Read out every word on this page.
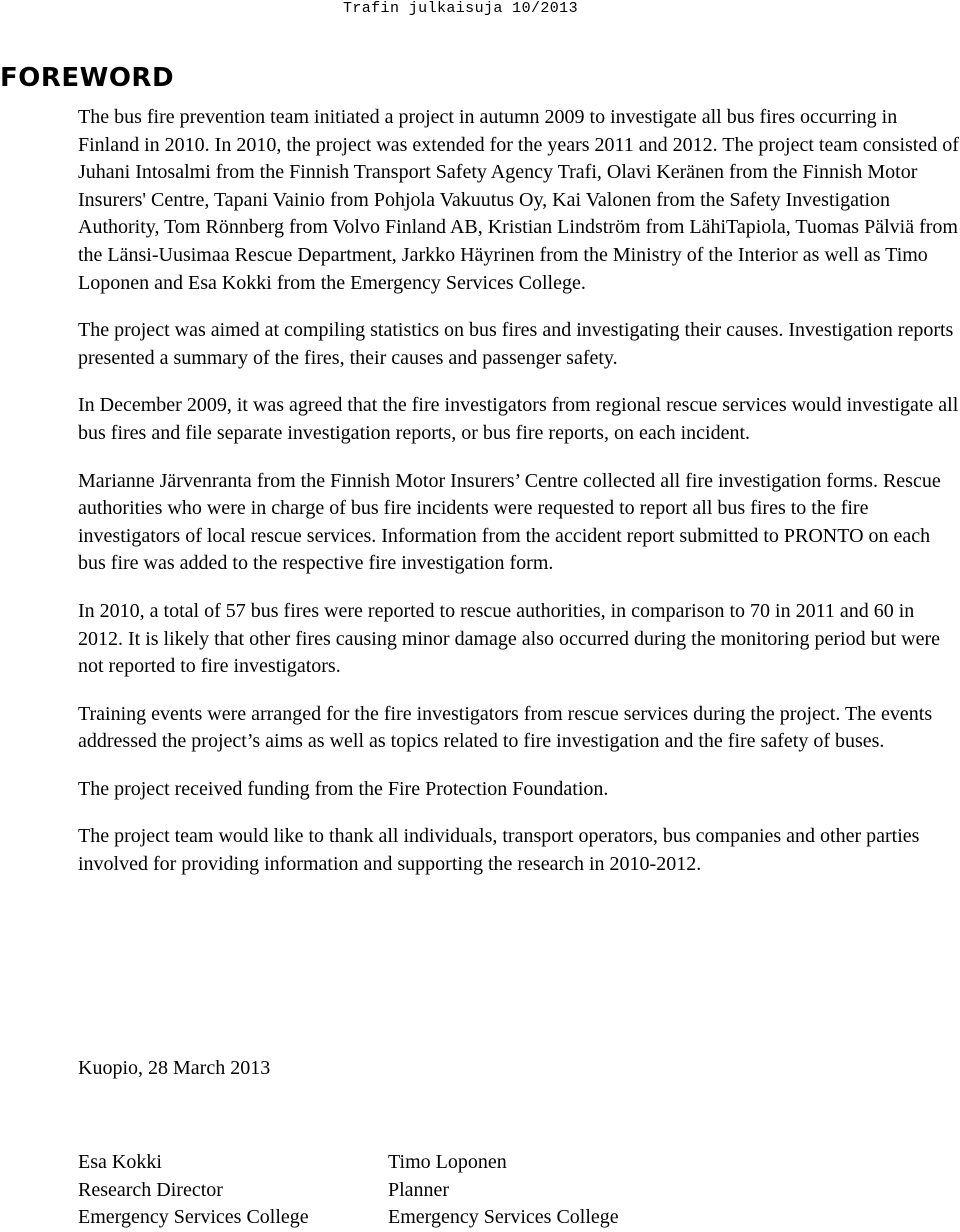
Trafin julkaisuja 10/2013
FOREWORD

The bus fire prevention team initiated a project in autumn 2009 to investigate all bus fires occurring in Finland in 2010. In 2010, the project was extended for the years 2011 and 2012. The project team consisted of Juhani Intosalmi from the Finnish Transport Safety Agency Trafi, Olavi Keränen from the Finnish Motor Insurers' Centre, Tapani Vainio from Pohjola Vakuutus Oy, Kai Valonen from the Safety Investigation Authority, Tom Rönnberg from Volvo Finland AB, Kristian Lindström from LähiTapiola, Tuomas Pälviä from the Länsi-Uusimaa Rescue Department, Jarkko Häyrinen from the Ministry of the Interior as well as Timo Loponen and Esa Kokki from the Emergency Services College.

The project was aimed at compiling statistics on bus fires and investigating their causes. Investigation reports presented a summary of the fires, their causes and passenger safety.

In December 2009, it was agreed that the fire investigators from regional rescue services would investigate all bus fires and file separate investigation reports, or bus fire reports, on each incident.

Marianne Järvenranta from the Finnish Motor Insurers’ Centre collected all fire investigation forms. Rescue authorities who were in charge of bus fire incidents were requested to report all bus fires to the fire investigators of local rescue services. Information from the accident report submitted to PRONTO on each bus fire was added to the respective fire investigation form.

In 2010, a total of 57 bus fires were reported to rescue authorities, in comparison to 70 in 2011 and 60 in 2012. It is likely that other fires causing minor damage also occurred during the monitoring period but were not reported to fire investigators.

Training events were arranged for the fire investigators from rescue services during the project. The events addressed the project’s aims as well as topics related to fire investigation and the fire safety of buses.

The project received funding from the Fire Protection Foundation.

The project team would like to thank all individuals, transport operators, bus companies and other parties involved for providing information and supporting the research in 2010-2012.

Kuopio, 28 March 2013

Esa Kokki
Research Director
Emergency Services College
Timo Loponen
Planner
Emergency Services College
